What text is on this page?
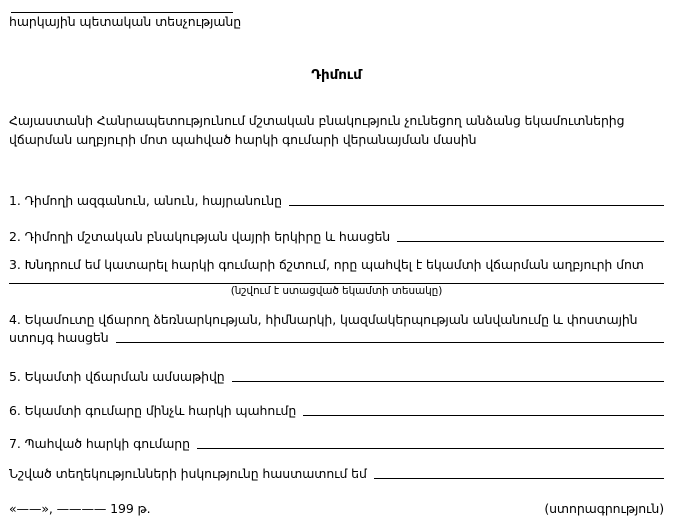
հարկային պետական տեսչությանը
Դիմում
Հայաստանի Հանրապետությունում մշտական բնակություն չունեցող անձանց եկամուտներից վճարման աղբյուրի մոտ պահված հարկի գումարի վերանայման մասին
1. Դիմողի ազգանուն, անուն, հայրանունը
2. Դիմողի մշտական բնակության վայրի երկիրը և հասցեն
3. Խնդրում եմ կատարել հարկի գումարի ճշտում, որը պահվել է եկամտի վճարման աղբյուրի մոտ
(նշվում է ստացված եկամտի տեսակը)
4. Եկամուտը վճարող ձեռնարկության, հիմնարկի, կազմակերպության անվանումը և փոստային
ստույգ հասցեն
5. Եկամտի վճարման ամսաթիվը
6. Եկամտի գումարը մինչև հարկի պահումը
7. Պահված հարկի գումարը
Նշված տեղեկությունների իսկությունը հաստատում եմ
«——», ———— 199 թ.	(ստորագրություն)
